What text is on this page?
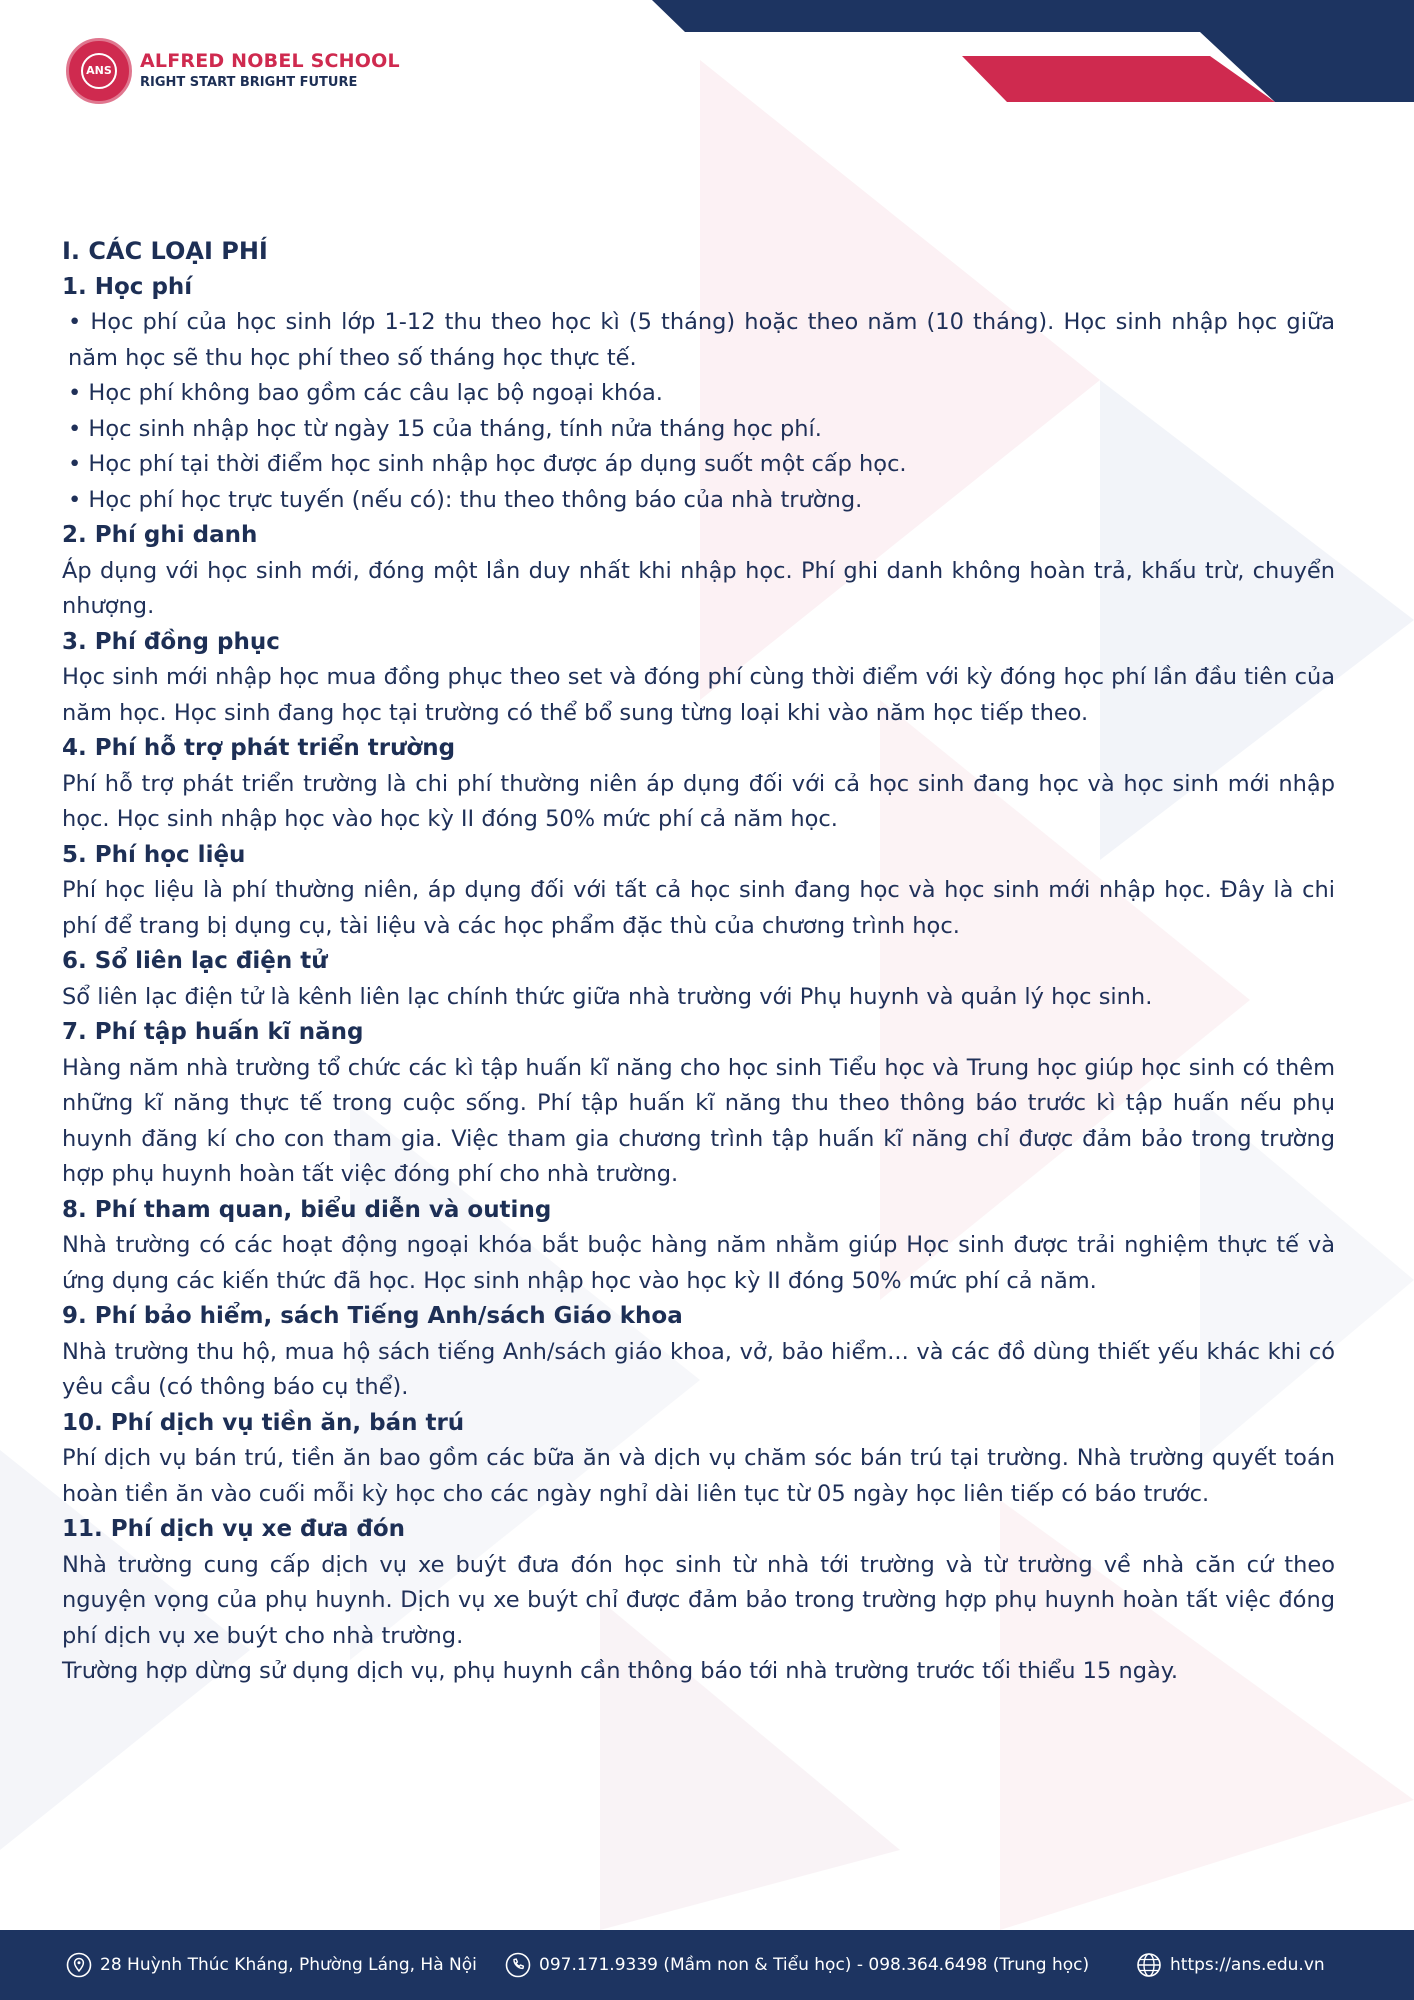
ANS ALFRED NOBEL SCHOOL
RIGHT START BRIGHT FUTURE

I. CÁC LOẠI PHÍ

1. Học phí

• Học phí của học sinh lớp 1-12 thu theo học kì (5 tháng) hoặc theo năm (10 tháng). Học sinh nhập học giữa năm học sẽ thu học phí theo số tháng học thực tế.

• Học phí không bao gồm các câu lạc bộ ngoại khóa.

• Học sinh nhập học từ ngày 15 của tháng, tính nửa tháng học phí.

• Học phí tại thời điểm học sinh nhập học được áp dụng suốt một cấp học.

• Học phí học trực tuyến (nếu có): thu theo thông báo của nhà trường.

2. Phí ghi danh

Áp dụng với học sinh mới, đóng một lần duy nhất khi nhập học. Phí ghi danh không hoàn trả, khấu trừ, chuyển nhượng.

3. Phí đồng phục

Học sinh mới nhập học mua đồng phục theo set và đóng phí cùng thời điểm với kỳ đóng học phí lần đầu tiên của năm học. Học sinh đang học tại trường có thể bổ sung từng loại khi vào năm học tiếp theo.

4. Phí hỗ trợ phát triển trường

Phí hỗ trợ phát triển trường là chi phí thường niên áp dụng đối với cả học sinh đang học và học sinh mới nhập học. Học sinh nhập học vào học kỳ II đóng 50% mức phí cả năm học.

5. Phí học liệu

Phí học liệu là phí thường niên, áp dụng đối với tất cả học sinh đang học và học sinh mới nhập học. Đây là chi phí để trang bị dụng cụ, tài liệu và các học phẩm đặc thù của chương trình học.

6. Sổ liên lạc điện tử

Sổ liên lạc điện tử là kênh liên lạc chính thức giữa nhà trường với Phụ huynh và quản lý học sinh.

7. Phí tập huấn kĩ năng

Hàng năm nhà trường tổ chức các kì tập huấn kĩ năng cho học sinh Tiểu học và Trung học giúp học sinh có thêm những kĩ năng thực tế trong cuộc sống. Phí tập huấn kĩ năng thu theo thông báo trước kì tập huấn nếu phụ huynh đăng kí cho con tham gia. Việc tham gia chương trình tập huấn kĩ năng chỉ được đảm bảo trong trường hợp phụ huynh hoàn tất việc đóng phí cho nhà trường.

8. Phí tham quan, biểu diễn và outing

Nhà trường có các hoạt động ngoại khóa bắt buộc hàng năm nhằm giúp Học sinh được trải nghiệm thực tế và ứng dụng các kiến thức đã học. Học sinh nhập học vào học kỳ II đóng 50% mức phí cả năm.

9. Phí bảo hiểm, sách Tiếng Anh/sách Giáo khoa

Nhà trường thu hộ, mua hộ sách tiếng Anh/sách giáo khoa, vở, bảo hiểm... và các đồ dùng thiết yếu khác khi có yêu cầu (có thông báo cụ thể).

10. Phí dịch vụ tiền ăn, bán trú

Phí dịch vụ bán trú, tiền ăn bao gồm các bữa ăn và dịch vụ chăm sóc bán trú tại trường. Nhà trường quyết toán hoàn tiền ăn vào cuối mỗi kỳ học cho các ngày nghỉ dài liên tục từ 05 ngày học liên tiếp có báo trước.

11. Phí dịch vụ xe đưa đón

Nhà trường cung cấp dịch vụ xe buýt đưa đón học sinh từ nhà tới trường và từ trường về nhà căn cứ theo nguyện vọng của phụ huynh. Dịch vụ xe buýt chỉ được đảm bảo trong trường hợp phụ huynh hoàn tất việc đóng phí dịch vụ xe buýt cho nhà trường.

Trường hợp dừng sử dụng dịch vụ, phụ huynh cần thông báo tới nhà trường trước tối thiểu 15 ngày.

28 Huỳnh Thúc Kháng, Phường Láng, Hà Nội	097.171.9339 (Mầm non & Tiểu học) - 098.364.6498 (Trung học)	https://ans.edu.vn
